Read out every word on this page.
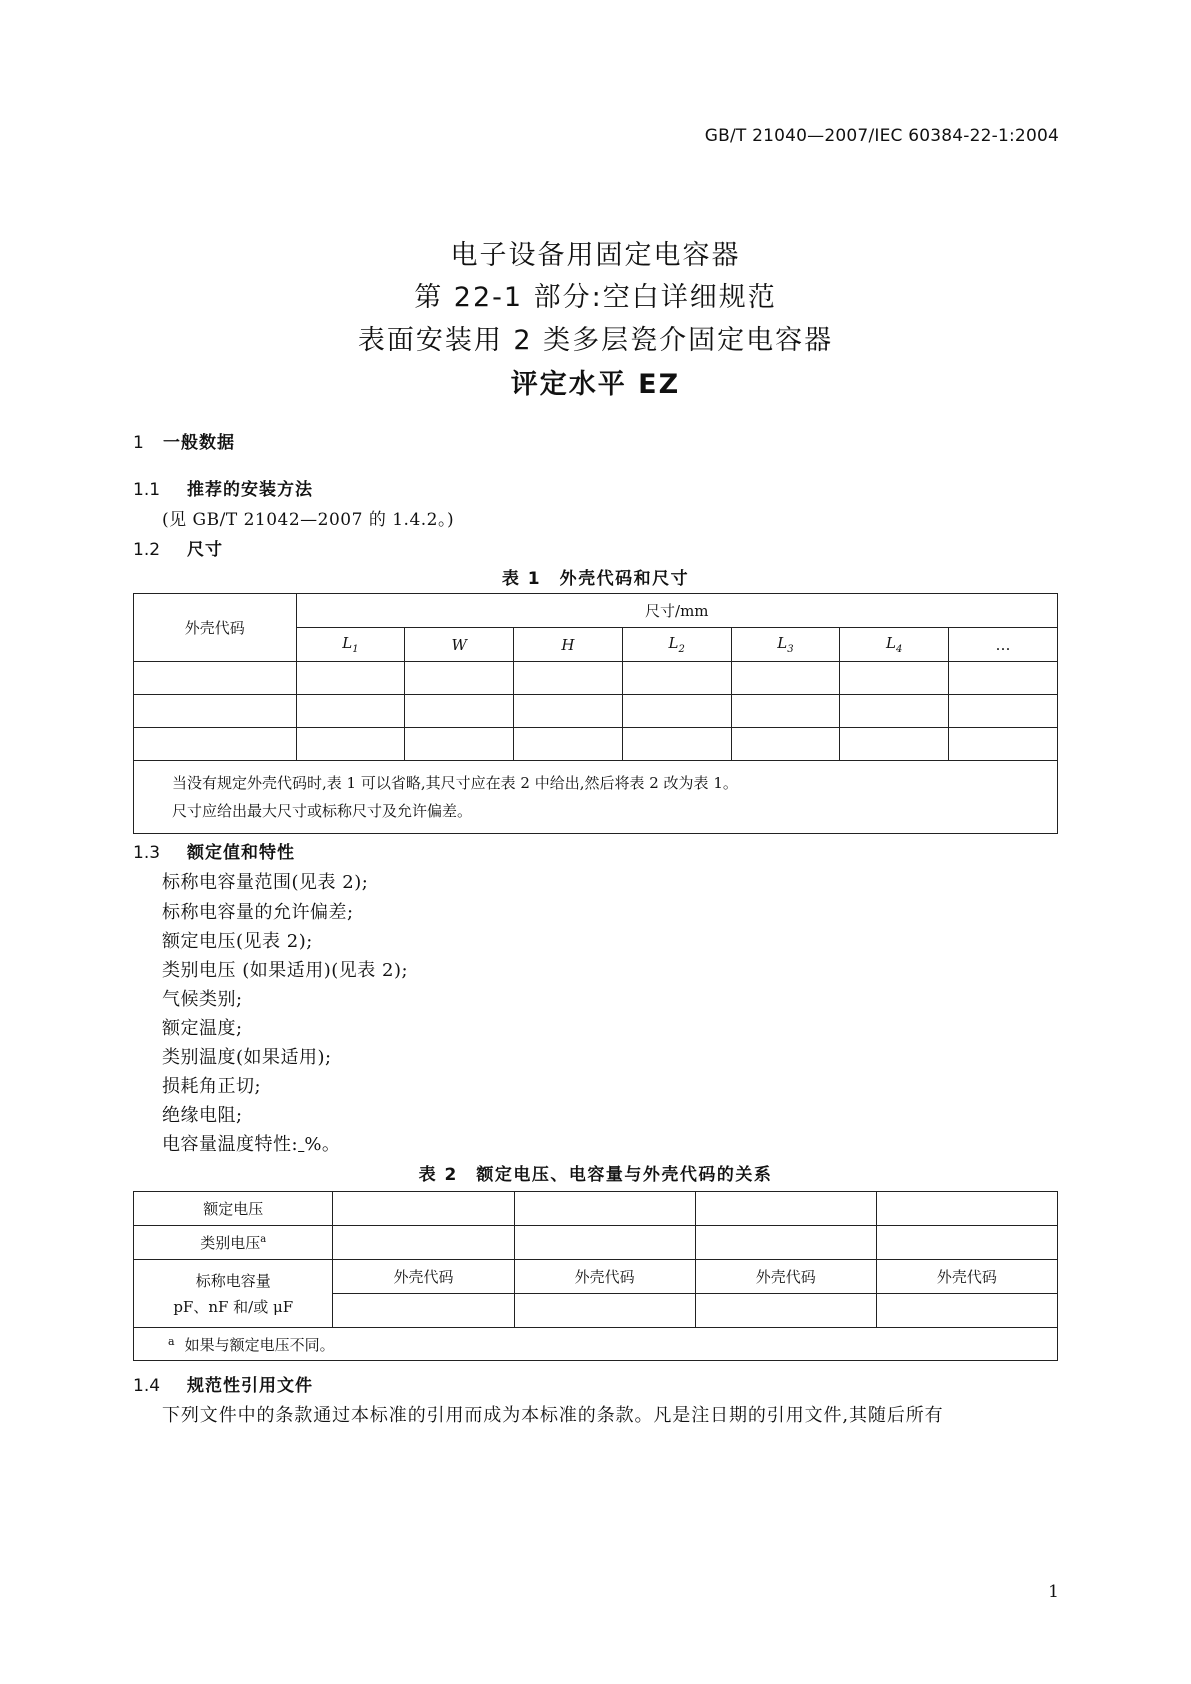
GB/T 21040—2007/IEC 60384-22-1:2004
电子设备用固定电容器
第 22-1 部分:空白详细规范
表面安装用 2 类多层瓷介固定电容器
评定水平 EZ
1 一般数据
1.1 推荐的安装方法
(见 GB/T 21042—2007 的 1.4.2。)
1.2 尺寸
表 1　外壳代码和尺寸
外壳代码	尺寸/mm						
	$L_1$	W	H	$L_2$	$L_3$	$L_4$	…

当没有规定外壳代码时,表 1 可以省略,其尺寸应在表 2 中给出,然后将表 2 改为表 1。
尺寸应给出最大尺寸或标称尺寸及允许偏差。							
1.3 额定值和特性
标称电容量范围(见表 2);
标称电容量的允许偏差;
额定电压(见表 2);
类别电压 (如果适用)(见表 2);
气候类别;
额定温度;
类别温度(如果适用);
损耗角正切;
绝缘电阻;
电容量温度特性: %。
表 2　额定电压、电容量与外壳代码的关系
额定电压				
类别电压$^a$				

标称电容量
pF、nF 和/或 μF	外壳代码	外壳代码	外壳代码	外壳代码

$^a$ 如果与额定电压不同。				
1.4 规范性引用文件
下列文件中的条款通过本标准的引用而成为本标准的条款。凡是注日期的引用文件,其随后所有
1
